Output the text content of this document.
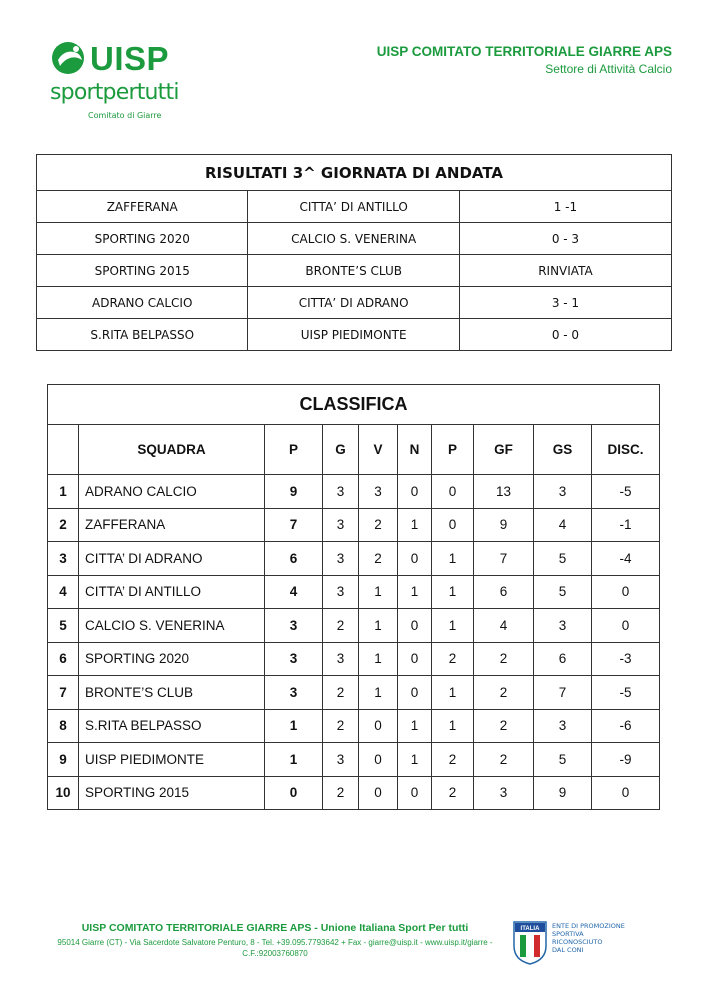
UISP
sportpertutti
Comitato di Giarre
UISP COMITATO TERRITORIALE GIARRE APS
Settore di Attività Calcio
RISULTATI 3^ GIORNATA DI ANDATA		
ZAFFERANA	CITTA’ DI ANTILLO	1 -1
SPORTING 2020	CALCIO S. VENERINA	0 - 3
SPORTING 2015	BRONTE’S CLUB	RINVIATA
ADRANO CALCIO	CITTA’ DI ADRANO	3 - 1
S.RITA BELPASSO	UISP PIEDIMONTE	0 - 0
CLASSIFICA									
	SQUADRA	P	G	V	N	P	GF	GS	DISC.
1	ADRANO CALCIO	9	3	3	0	0	13	3	-5
2	ZAFFERANA	7	3	2	1	0	9	4	-1
3	CITTA’ DI ADRANO	6	3	2	0	1	7	5	-4
4	CITTA’ DI ANTILLO	4	3	1	1	1	6	5	0
5	CALCIO S. VENERINA	3	2	1	0	1	4	3	0
6	SPORTING 2020	3	3	1	0	2	2	6	-3
7	BRONTE’S CLUB	3	2	1	0	1	2	7	-5
8	S.RITA BELPASSO	1	2	0	1	1	2	3	-6
9	UISP PIEDIMONTE	1	3	0	1	2	2	5	-9
10	SPORTING 2015	0	2	0	0	2	3	9	0
UISP COMITATO TERRITORIALE GIARRE APS - Unione Italiana Sport Per tutti
95014 Giarre (CT) - Via Sacerdote Salvatore Penturo, 8 - Tel. +39.095.7793642 + Fax - giarre@uisp.it - www.uisp.it/giarre -
C.F.:92003760870
ITALIA ENTE DI PROMOZIONE
SPORTIVA
RICONOSCIUTO
DAL CONI
